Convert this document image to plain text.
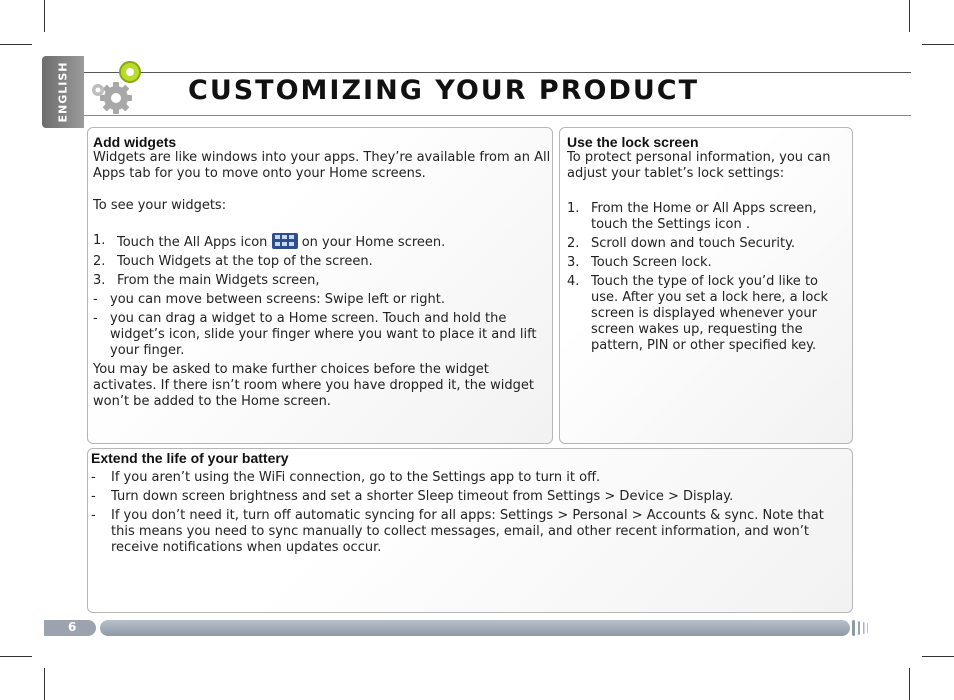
ENGLISH	CUSTOMIZING YOUR PRODUCT

Add widgets

Widgets are like windows into your apps. They’re available from an All Apps tab for you to move onto your Home screens.

To see your widgets:

1. Touch the All Apps icon	on your Home screen.
2. Touch Widgets at the top of the screen.
3. From the main Widgets screen,
- you can move between screens: Swipe left or right.
- you can drag a widget to a Home screen. Touch and hold the widget’s icon, slide your finger where you want to place it and lift your finger.

You may be asked to make further choices before the widget activates. If there isn’t room where you have dropped it, the widget won’t be added to the Home screen.

Use the lock screen

To protect personal information, you can adjust your tablet’s lock settings:

1. From the Home or All Apps screen, touch the Settings icon .
2. Scroll down and touch Security.
3. Touch Screen lock.
4. Touch the type of lock you’d like to use. After you set a lock here, a lock screen is displayed whenever your screen wakes up, requesting the pattern, PIN or other specified key.

Extend the life of your battery

- If you aren’t using the WiFi connection, go to the Settings app to turn it off.
- Turn down screen brightness and set a shorter Sleep timeout from Settings > Device > Display.
- If you don’t need it, turn off automatic syncing for all apps: Settings > Personal > Accounts & sync. Note that this means you need to sync manually to collect messages, email, and other recent information, and won’t receive notifications when updates occur.
6
